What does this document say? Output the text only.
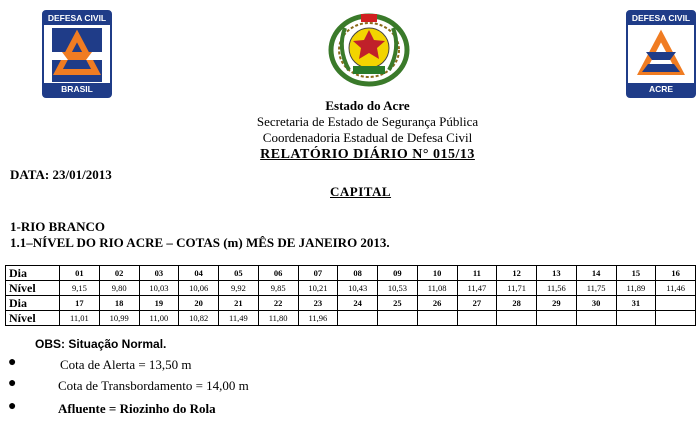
DEFESA CIVIL
BRASIL
DEFESA CIVIL
ACRE
Estado do Acre
Secretaria de Estado de Segurança Pública
Coordenadoria Estadual de Defesa Civil
RELATÓRIO DIÁRIO N° 015/13
DATA: 23/01/2013
CAPITAL
1-RIO BRANCO
1.1–NÍVEL DO RIO ACRE – COTAS (m) MÊS DE JANEIRO 2013.
Dia	01	02	03	04	05	06	07	08	09	10	11	12	13	14	15	16
Nível	9,15	9,80	10,03	10,06	9,92	9,85	10,21	10,43	10,53	11,08	11,47	11,71	11,56	11,75	11,89	11,46
Dia	17	18	19	20	21	22	23	24	25	26	27	28	29	30	31	
Nível	11,01	10,99	11,00	10,82	11,49	11,80	11,96									
OBS: Situação Normal.
●	Cota de Alerta = 13,50 m
●	Cota de Transbordamento = 14,00 m
●	Afluente = Riozinho do Rola
